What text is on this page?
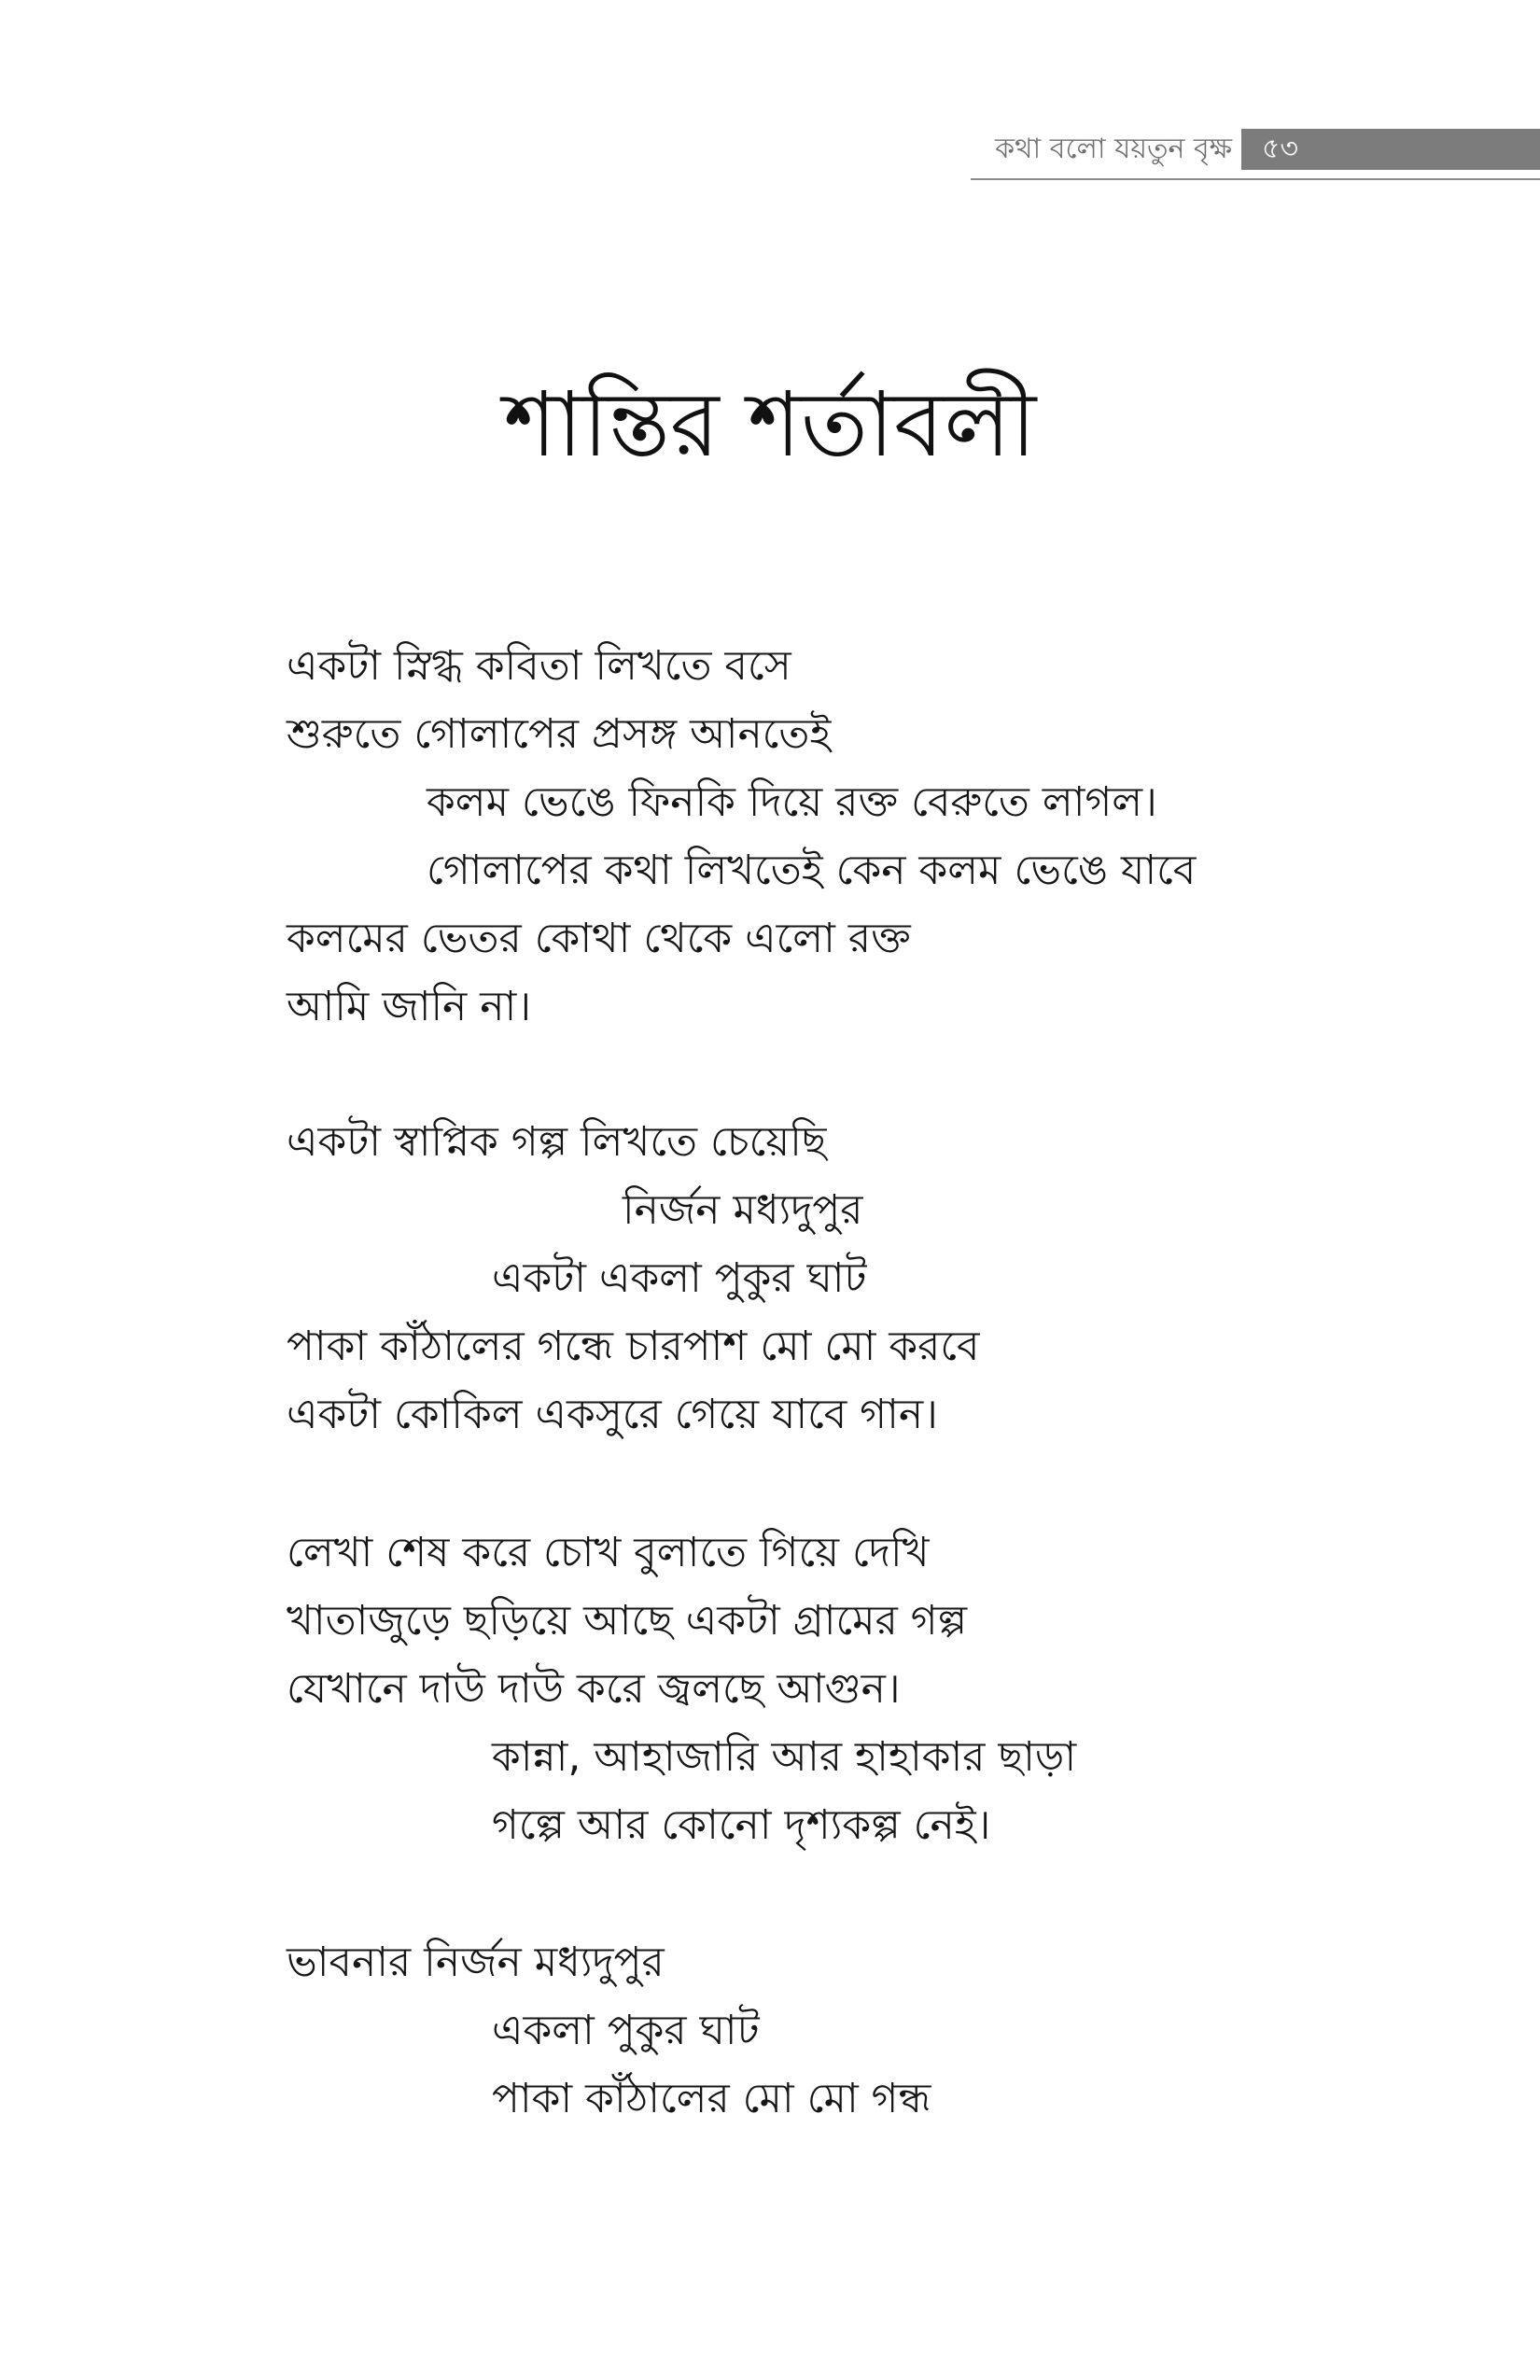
কথা বলো যয়তুন বৃক্ষ ৫৩
শান্তির শর্তাবলী
একটা স্নিগ্ধ কবিতা লিখতে বসে
শুরুতে গোলাপের প্রসঙ্গ আনতেই
কলম ভেঙে ফিনকি দিয়ে রক্ত বেরুতে লাগল।
গোলাপের কথা লিখতেই কেন কলম ভেঙে যাবে
কলমের ভেতর কোথা থেকে এলো রক্ত
আমি জানি না।
একটা স্বাপ্নিক গল্প লিখতে চেয়েছি
নির্জন মধ্যদুপুর
একটা একলা পুকুর ঘাট
পাকা কাঁঠালের গন্ধে চারপাশ মো মো করবে
একটা কোকিল একসুরে গেয়ে যাবে গান।
লেখা শেষ করে চোখ বুলাতে গিয়ে দেখি
খাতাজুড়ে ছড়িয়ে আছে একটা গ্রামের গল্প
যেখানে দাউ দাউ করে জ্বলছে আগুন।
কান্না, আহাজারি আর হাহাকার ছাড়া
গল্পে আর কোনো দৃশ্যকল্প নেই।
ভাবনার নির্জন মধ্যদুপুর
একলা পুকুর ঘাট
পাকা কাঁঠালের মো মো গন্ধ
